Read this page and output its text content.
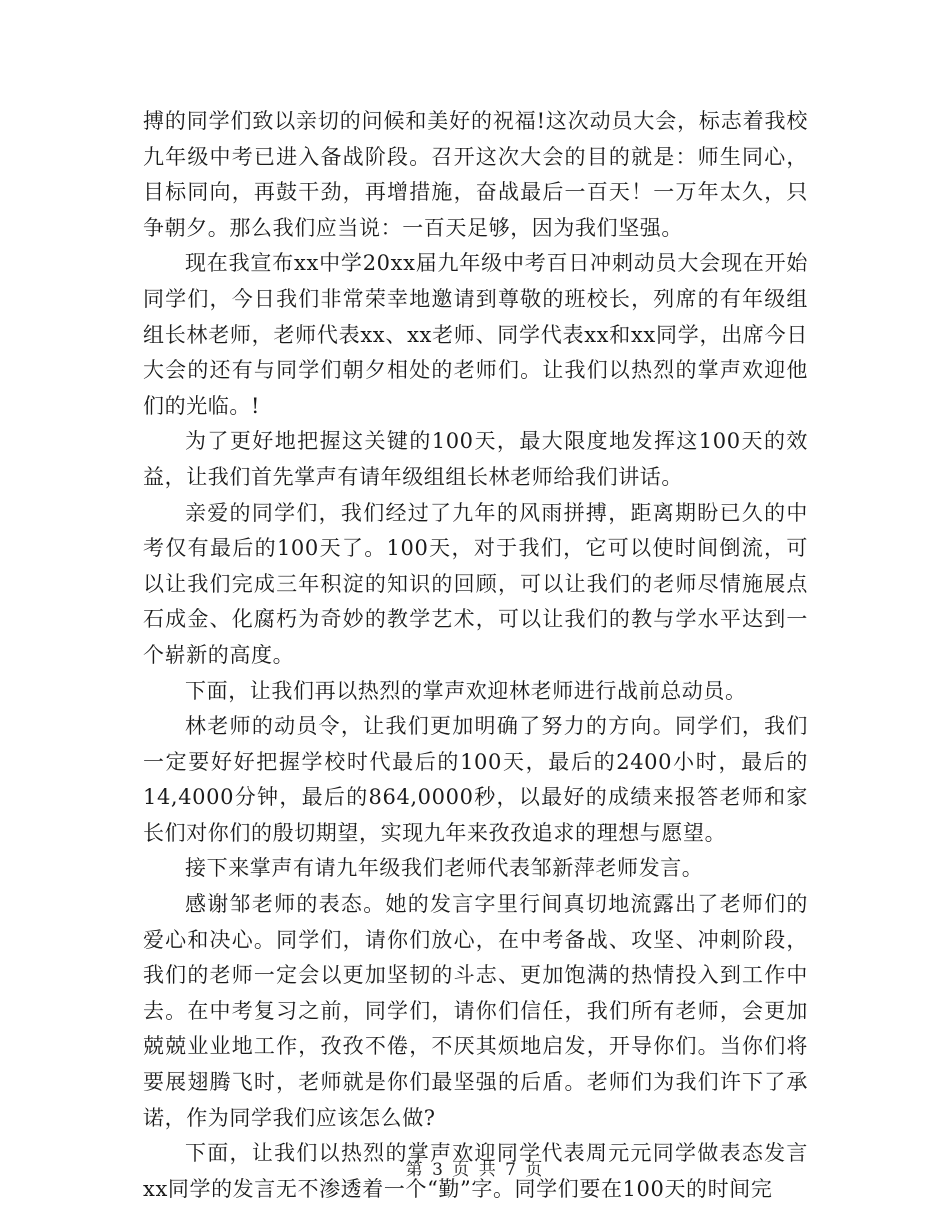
搏的同学们致以亲切的问候和美好的祝福!这次动员大会，标志着我校九年级中考已进入备战阶段。召开这次大会的目的就是：师生同心，目标同向，再鼓干劲，再增措施，奋战最后一百天！一万年太久，只争朝夕。那么我们应当说：一百天足够，因为我们坚强。

现在我宣布xx中学20xx届九年级中考百日冲刺动员大会现在开始同学们，今日我们非常荣幸地邀请到尊敬的班校长，列席的有年级组组长林老师，老师代表xx、xx老师、同学代表xx和xx同学，出席今日大会的还有与同学们朝夕相处的老师们。让我们以热烈的掌声欢迎他们的光临。!

为了更好地把握这关键的100天，最大限度地发挥这100天的效益，让我们首先掌声有请年级组组长林老师给我们讲话。

亲爱的同学们，我们经过了九年的风雨拼搏，距离期盼已久的中考仅有最后的100天了。100天，对于我们，它可以使时间倒流，可以让我们完成三年积淀的知识的回顾，可以让我们的老师尽情施展点石成金、化腐朽为奇妙的教学艺术，可以让我们的教与学水平达到一个崭新的高度。

下面，让我们再以热烈的掌声欢迎林老师进行战前总动员。

林老师的动员令，让我们更加明确了努力的方向。同学们，我们一定要好好把握学校时代最后的100天，最后的2400小时，最后的14,4000分钟，最后的864,0000秒，以最好的成绩来报答老师和家长们对你们的殷切期望，实现九年来孜孜追求的理想与愿望。

接下来掌声有请九年级我们老师代表邹新萍老师发言。

感谢邹老师的表态。她的发言字里行间真切地流露出了老师们的爱心和决心。同学们，请你们放心，在中考备战、攻坚、冲刺阶段，我们的老师一定会以更加坚韧的斗志、更加饱满的热情投入到工作中去。在中考复习之前，同学们，请你们信任，我们所有老师，会更加兢兢业业地工作，孜孜不倦，不厌其烦地启发，开导你们。当你们将要展翅腾飞时，老师就是你们最坚强的后盾。老师们为我们许下了承诺，作为同学我们应该怎么做?

下面，让我们以热烈的掌声欢迎同学代表周元元同学做表态发言xx同学的发言无不渗透着一个“勤”字。同学们要在100天的时间完

第 3 页 共 7 页
